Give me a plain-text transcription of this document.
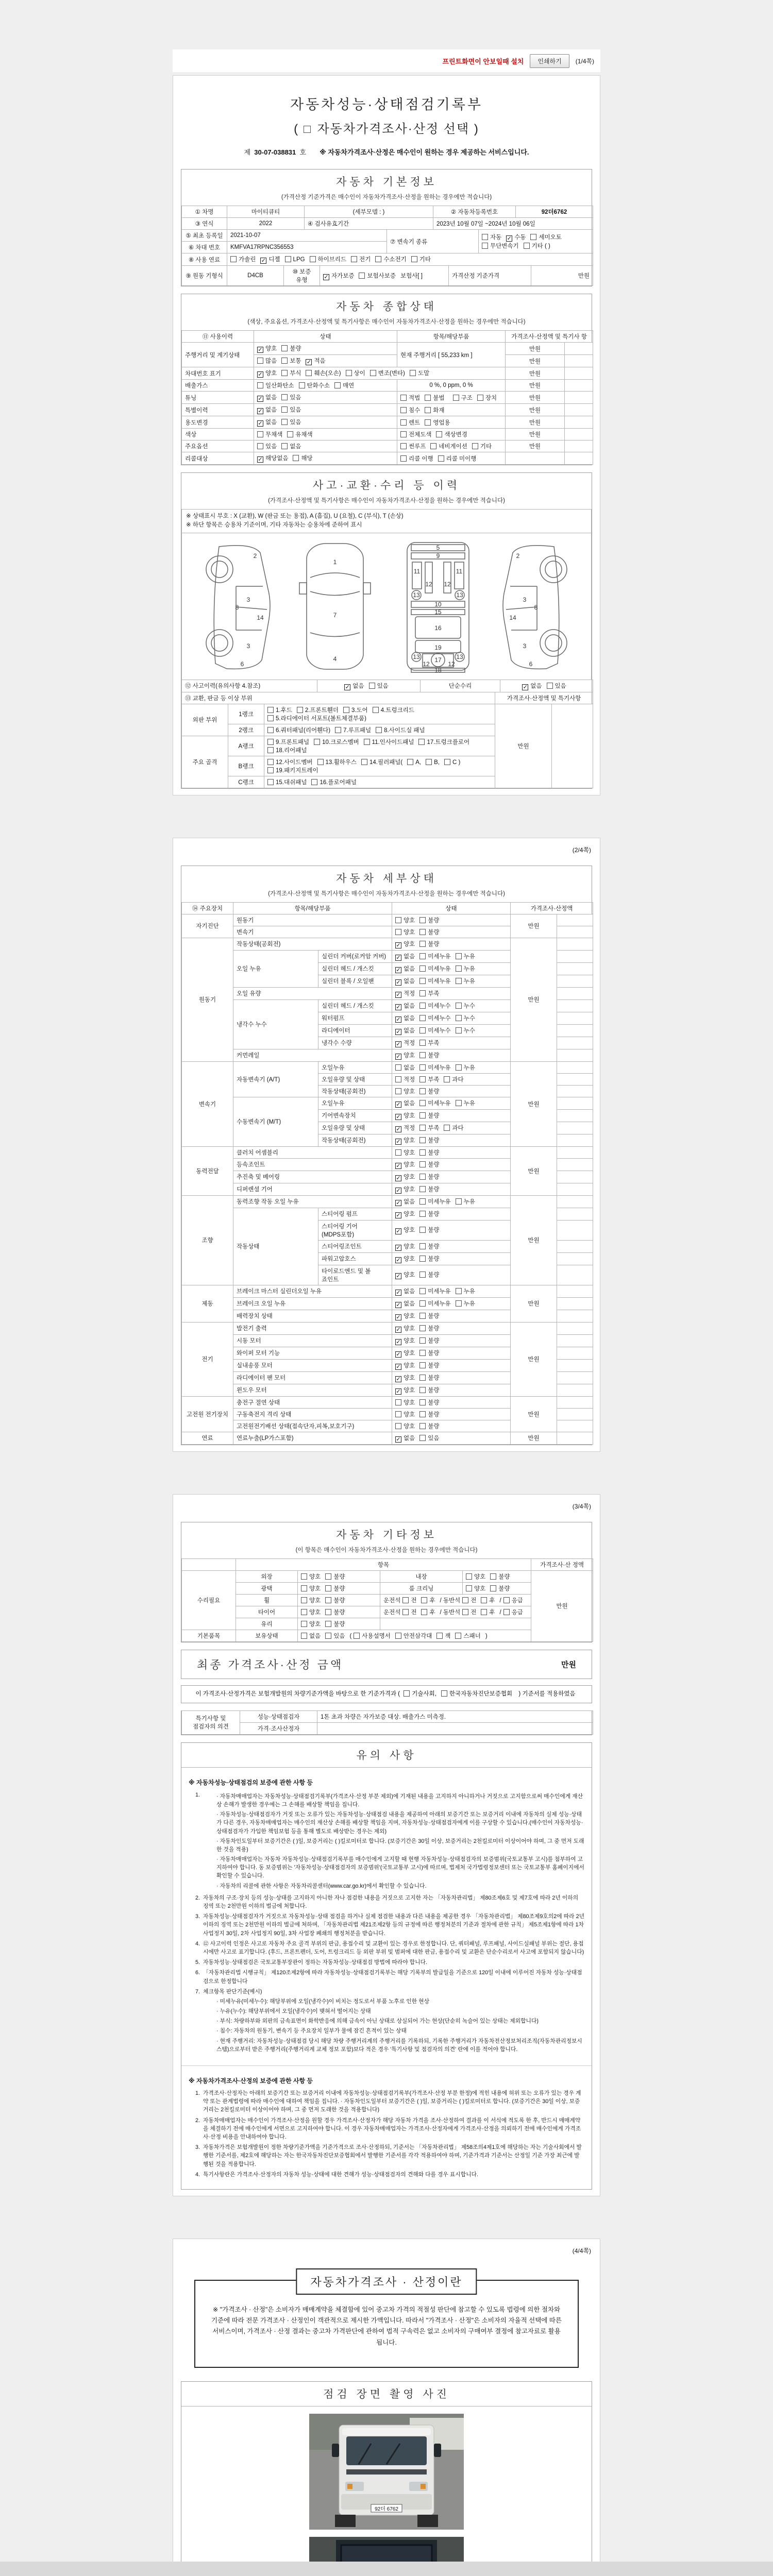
프린트화면이 안보일때 설치	인쇄하기	(1/4쪽)
자동차성능·상태점검기록부
(  자동차가격조사·산정 선택 )
제 30-07-038831 호 ※ 자동차가격조사·산정은 매수인이 원하는 경우 제공하는 서비스입니다.
자동차 기본정보
(가격산정 기준가격은 매수인이 자동차가격조사·산정을 원하는 경우에만 적습니다)
① 차명	마이티큐티	(세부모델 : )	② 자동차등록번호	92더6762
③ 연식	2022	④ 검사유효기간	2023년 10월 07일 ~2024년 10월 06일	
⑤ 최초 등록일	2021-10-07	⑦ 변속기 종류	자동 ✓ 수동 세미오토무단변속기 기타 ( )
⑥ 차대 번호	KMFVA17RPNC356553		
⑧ 사용 연료	가솔린 ✓ 디젤 LPG 하이브리드 전기 수소전기 기타
⑨ 원동 기형식	D4CB	⑩ 보증 유형	✓ 자가보증 보험사보증 보험사[ ]	가격산정 기준가격	만원
자동차 종합상태
(색상, 주요옵션, 가격조사·산정액 및 특기사항은 매수인이 자동차가격조사·산정을 원하는 경우에만 적습니다)
⑪ 사용이력	상태	항목/해당부품	가격조사·산정액 및 특기사 항	
주행거리 및 계기상태	✓ 양호 불량	현재 주행거리 [ 55,233 km ]	만원	
	많음 보통 ✓ 적음		만원	
차대번호 표기	✓ 양호 부식 훼손(오손) 상이 변조(변타) 도말		만원	
배출가스	일산화탄소 탄화수소 매연	0 %, 0 ppm, 0 %	만원	
튜닝	✓ 없음 있음	적법 불법 구조 장치	만원	
특별이력	✓ 없음 있음	침수 화재	만원	
용도변경	✓ 없음 있음	렌트 영업용	만원	
색상	무채색 유채색	전체도색 색상변경	만원	
주요옵션	있음 없음	썬루프 네비게이션 기타	만원	
리콜대상	✓ 해당없음 해당	리콜 이행 리콜 미이행		
사고·교환·수리 등 이력
(가격조사·산정액 및 특기사항은 매수인이 자동차가격조사·산정을 원하는 경우에만 적습니다)
※ 상태표시 부호 : X (교환), W (판금 또는 용접), A (흠집), U (요철), C (부식), T (손상)
※ 하단 항목은 승용차 기준이며, 기타 자동차는 승용차에 준하여 표시
2
3
3
6
8
14
1
7
4
5
9
11	11
12 12
13	13
10
15
16
19
13	13
17
12	12
18
2
3
3
6
8
14
⑫ 사고이력(유의사항 4.참조)	✓ 없음 있음	단순수리	✓ 없음 있음
⑬ 교환, 판금 등 이상 부위			가격조사·산정액 및 특기사항	
외판 부위	1랭크	1.후드 2.프론트휀더 3.도어 4.트렁크리드5.라디에이터 서포트(볼트체결부품)	만원	
	2랭크	6.쿼터패널(리어휀다) 7.루프패널 8.사이드실 패널		
주요 골격	A랭크	9.프론트패널 10.크로스멤버 11.인사이드패널 17.트렁크플로어18.리어패널		
	B랭크	12.사이드멤버 13.휠하우스 14.필러패널( A, B, C )19.패키지트레이		
	C랭크	15.대쉬패널 16.플로어패널		
(2/4쪽)
자동차 세부상태
(가격조사·산정액 및 특기사항은 매수인이 자동차가격조사·산정을 원하는 경우에만 적습니다)
⑭ 주요장치	항목/해당부품		상태	가격조사·산정액	
자기진단	원동기		양호 불량	만원	
	변속기		양호 불량		
원동기	작동상태(공회전)		✓ 양호 불량	만원	
	오일 누유	실린더 커버(로커암 커버)	✓ 없음 미세누유 누유		
		실린더 헤드 / 개스킷	✓ 없음 미세누유 누유		
		실린더 블록 / 오일팬	✓ 없음 미세누유 누유		
	오일 유량		✓ 적정 부족		
	냉각수 누수	실린더 헤드 / 개스킷	✓ 없음 미세누수 누수		
		워터펌프	✓ 없음 미세누수 누수		
		라디에이터	✓ 없음 미세누수 누수		
		냉각수 수량	✓ 적정 부족		
	커먼레일		✓ 양호 불량		
변속기	자동변속기 (A/T)	오일누유	없음 미세누유 누유	만원	
		오일유량 및 상태	적정 부족 과다		
		작동상태(공회전)	양호 불량		
	수동변속기 (M/T)	오일누유	✓ 없음 미세누유 누유		
		기어변속장치	✓ 양호 불량		
		오일유량 및 상태	✓ 적정 부족 과다		
		작동상태(공회전)	✓ 양호 불량		
동력전달	클러치 어셈블리		양호 불량	만원	
	등속조인트		✓ 양호 불량		
	추진축 및 베어링		✓ 양호 불량		
	디퍼렌셜 기어		✓ 양호 불량		
조향	동력조향 작동 오일 누유		✓ 없음 미세누유 누유	만원	
	작동상태	스티어링 펌프	✓ 양호 불량		
		스티어링 기어(MDPS포함)	✓ 양호 불량		
		스티어링조인트	✓ 양호 불량		
		파워고압호스	✓ 양호 불량		
		타이로드엔드 및 볼 죠인트	✓ 양호 불량		
제동	브레이크 마스터 실린더오일 누유		✓ 없음 미세누유 누유	만원	
	브레이크 오일 누유		✓ 없음 미세누유 누유		
	배력장치 상태		✓ 양호 불량		
전기	발전기 출력		✓ 양호 불량	만원	
	시동 모터		✓ 양호 불량		
	와이퍼 모터 기능		✓ 양호 불량		
	실내송풍 모터		✓ 양호 불량		
	라디에이터 팬 모터		✓ 양호 불량		
	윈도우 모터		✓ 양호 불량		
고전원 전기장치	충전구 절연 상태		양호 불량	만원	
	구동축전지 격리 상태		양호 불량		
	고전원전기배선 상태(접속단자,피복,보호기구)		양호 불량		
연료	연료누출(LP가스포함)		✓ 없음 있음	만원	
(3/4쪽)
자동차 기타정보
(이 항목은 매수인이 자동차가격조사·산정을 원하는 경우에만 적습니다)
	항목				가격조사·산 정액
수리필요	외장	양호 불량	내장	양호 불량	만원
	광택	양호 불량	룸 크리닝	양호 불량	
	휠	양호 불량	운전석 전 후 / 동반석 전 후 / 응급		
	타이어	양호 불량	운전석 전 후 / 동반석 전 후 / 응급		
	유리	양호 불량			
기본품목	보유상태	없음 있음 ( 사용설명서 안전삼각대 잭 스패너 )			
최종 가격조사·산정 금액	만원
이 가격조사·산정가격은 보험개발원의 차량기준가액을 바탕으로 한 기준가격과 ( 기술사회, 한국자동차진단보증협회 ) 기준서를 적용하였음
특기사항 및 점검자의 의견	성능·상태점검자	1톤 초과 차량은 자가보증 대상. 배출가스 미측정.
	가격·조사산정자	
유의 사항
※ 자동차성능·상태점검의 보증에 관한 사항 등
1.	· 자동차매매업자는 자동차성능·상태점검기록부(가격조사·산정 부분 제외)에 기재된 내용을 고지하지 아니하거나 거짓으로 고지함으로써 매수인에게 재산상 손해가 발생한 경우에는 그 손해를 배상할 책임을 집니다.
· 자동차성능·상태점검자가 거짓 또는 오류가 있는 자동차성능·상태점검 내용을 제공하여 아래의 보증기간 또는 보증거리 이내에 자동차의 실제 성능·상태가 다른 경우, 자동차매매업자는 매수인의 재산상 손해를 배상할 책임을 지며, 자동차성능·상태점검자에게 이를 구상할 수 있습니다.(매수인이 자동차성능·상태점검자가 가입한 책임보험 등을 통해 별도로 배상받는 경우는 제외)
· 자동차인도일부터 보증기간은 ( )일, 보증거리는 ( )킬로미터로 합니다. (보증기간은 30일 이상, 보증거리는 2천킬로미터 이상이어야 하며, 그 중 먼저 도래한 것을 적용)
· 자동차매매업자는 자동차 자동차성능·상태점검기록부를 매수인에게 고지할 때 현행 자동차성능·상태점검자의 보증범위(국토교통부 고시)를 첨부하여 고지하여야 합니다. 동 보증범위는 '자동차성능·상태점검자의 보증범위'(국토교통부 고시)에 따르며, 법제처 국가법령정보센터 또는 국토교통부 홈페이지에서 확인할 수 있습니다.
· 자동차의 리콜에 관한 사항은 자동차리콜센터(www.car.go.kr)에서 확인할 수 있습니다.
2. 자동차의 구조·장치 등의 성능·상태를 고지하지 아니한 자나 점검한 내용을 거짓으로 고지한 자는 「자동차관리법」 제80조제6호 및 제7호에 따라 2년 이하의 징역 또는 2천만원 이하의 벌금에 처합니다.
3. 자동차성능·상태점검자가 거짓으로 자동차성능·상태 점검을 하거나 실제 점검한 내용과 다른 내용을 제공한 경우 「자동차관리법」 제80조제9호의2에 따라 2년 이하의 징역 또는 2천만원 이하의 벌금에 처하며, 「자동차관리법 제21조제2항 등의 규정에 따른 행정처분의 기준과 절차에 관한 규칙」 제5조제1항에 따라 1차 사업정지 30일, 2차 사업정지 90일, 3차 사업장 폐쇄의 행정처분을 받습니다.
4. ⑫ 사고이력 인정은 사고로 자동차 주요 골격 부위의 판금, 용접수리 및 교환이 있는 경우로 한정합니다. 단, 쿼터패널, 루프패널, 사이드실패널 부위는 절단, 용접 시에만 사고로 표기합니다. (후드, 프론트펜더, 도어, 트렁크리드 등 외판 부위 및 범퍼에 대한 판금, 용접수리 및 교환은 단순수리로서 사고에 포함되지 않습니다)
5. 자동차성능·상태점검은 국토교통부장관이 정하는 자동차성능·상태점검 방법에 따라야 합니다.
6. 「자동차관리법 시행규칙」 제120조제2항에 따라 자동차성능·상태점검기록부는 해당 기록부의 발급일을 기준으로 120일 이내에 이루어진 자동차 성능·상태점검으로 한정합니다
7. 체크항목 판단기준(예시)
· 미세누유(미세누수): 해당부위에 오일(냉각수)이 비치는 정도로서 부품 노후로 인한 현상
· 누유(누수): 해당부위에서 오일(냉각수)이 맺혀서 떨어지는 상태
· 부식: 차량하부와 외판의 금속표면이 화학반응에 의해 금속이 아닌 상태로 상실되어 가는 현상(단순히 녹슬어 있는 상태는 제외합니다)
· 침수: 자동차의 원동기, 변속기 등 주요장치 일부가 물에 잠긴 흔적이 있는 상태
· 현재 주행거리: 자동차성능·상태점검 당시 해당 차량 주행거리계의 주행거리를 기록하되, 기록한 주행거리가 자동차전산정보처리조직(자동차관리정보시스템)으로부터 받은 주행거리(주행거리계 교체 정보 포함)보다 적은 경우 '특기사항 및 점검자의 의견' 란에 이를 적어야 합니다.
※ 자동차가격조사·산정의 보증에 관한 사항 등
1. 가격조사·산정자는 아래의 보증기간 또는 보증거리 이내에 자동차성능·상태점검기록부(가격조사·산정 부분 한정)에 적힌 내용에 허위 또는 오류가 있는 경우 계약 또는 관계법령에 따라 매수인에 대하여 책임을 집니다. · 자동차인도일부터 보증기간은 ( )일, 보증거리는 ( )킬로미터로 합니다. (보증기간은 30일 이상, 보증거리는 2천킬로미터 이상이어야 하며, 그 중 먼저 도래한 것을 적용합니다)
2. 자동차매매업자는 매수인이 가격조사·산정을 원할 경우 가격조사·산정자가 해당 자동차 가격을 조사·산정하여 결과를 이 서식에 적도록 한 후, 반드시 매매계약을 체결하기 전에 매수인에게 서면으로 고지하여야 합니다. 이 경우 자동차매매업자는 가격조사·산정자에게 가격조사·산정을 의뢰하기 전에 매수인에게 가격조사·산정 비용을 안내하여야 합니다.
3. 자동차가격은 보험개발원이 정한 차량기준가액을 기준가격으로 조사·산정하되, 기준서는 「자동차관리법」 제58조의4제1호에 해당하는 자는 기술사회에서 발행한 기준서를, 제2호에 해당하는 자는 한국자동차진단보증협회에서 발행한 기준서를 각각 적용하여야 하며, 기준가격과 기준서는 산정일 기준 가장 최근에 발행된 것을 적용합니다.
4. 특기사항란은 가격조사·산정자의 자동차 성능·상태에 대한 견해가 성능·상태점검자의 견해와 다를 경우 표시합니다.
(4/4쪽)
자동차가격조사 · 산정이란
※ "가격조사 · 산정"은 소비자가 매매계약을 체결함에 있어 중고차 가격의 적절성 판단에 참고할 수 있도록 법령에 의한 절차와 기준에 따라 전문 가격조사 · 산정인이 객관적으로 제시한 가액입니다. 따라서 "가격조사 · 산정"은 소비자의 자율적 선택에 따른 서비스이며, 가격조사 · 산정 결과는 중고차 가격판단에 관하여 법적 구속력은 없고 소비자의 구매여부 결정에 참고자료로 활용됩니다.
점검 장면 촬영 사진
92더 6762
